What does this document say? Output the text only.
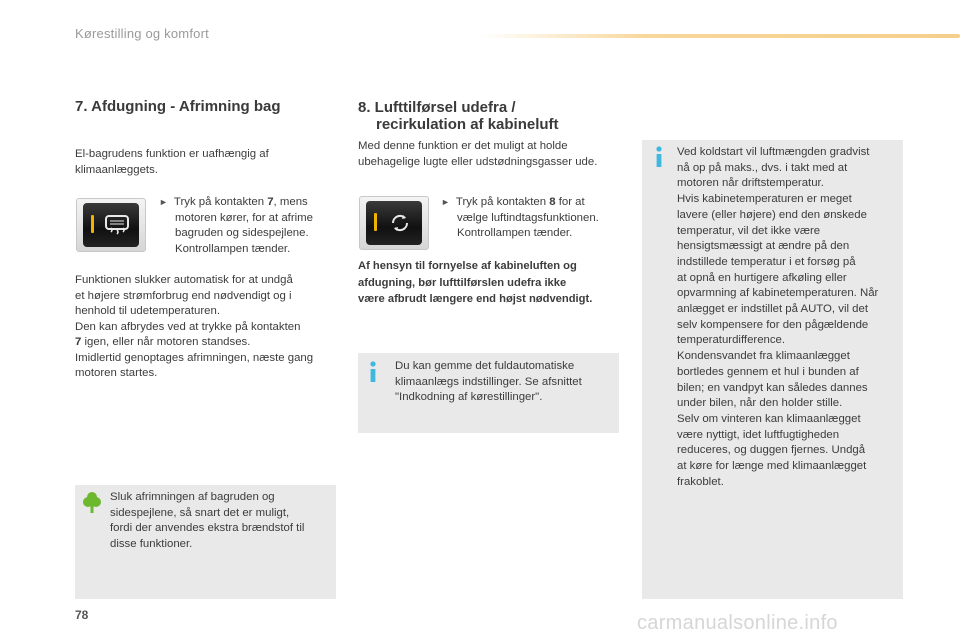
Kørestilling og komfort
7. Afdugning - Afrimning bag
El-bagrudens funktion er uafhængig af
klimaanlæggets.
► Tryk på kontakten 7, mens
motoren kører, for at afrime
bagruden og sidespejlene.
Kontrollampen tænder.
Funktionen slukker automatisk for at undgå
et højere strømforbrug end nødvendigt og i
henhold til udetemperaturen.
Den kan afbrydes ved at trykke på kontakten
7 igen, eller når motoren standses.
Imidlertid genoptages afrimningen, næste gang
motoren startes.
Sluk afrimningen af bagruden og
sidespejlene, så snart det er muligt,
fordi der anvendes ekstra brændstof til
disse funktioner.
8. Lufttilførsel udefra /
recirkulation af kabineluft
Med denne funktion er det muligt at holde
ubehagelige lugte eller udstødningsgasser ude.
► Tryk på kontakten 8 for at
vælge luftindtagsfunktionen.
Kontrollampen tænder.
Af hensyn til fornyelse af kabineluften og
afdugning, bør lufttilførslen udefra ikke
være afbrudt længere end højst nødvendigt.
Du kan gemme det fuldautomatiske
klimaanlægs indstillinger. Se afsnittet
"Indkodning af kørestillinger".
Ved koldstart vil luftmængden gradvist
nå op på maks., dvs. i takt med at
motoren når driftstemperatur.
Hvis kabinetemperaturen er meget
lavere (eller højere) end den ønskede
temperatur, vil det ikke være
hensigtsmæssigt at ændre på den
indstillede temperatur i et forsøg på
at opnå en hurtigere afkøling eller
opvarmning af kabinetemperaturen. Når
anlægget er indstillet på AUTO, vil det
selv kompensere for den pågældende
temperaturdifference.
Kondensvandet fra klimaanlægget
bortledes gennem et hul i bunden af
bilen; en vandpyt kan således dannes
under bilen, når den holder stille.
Selv om vinteren kan klimaanlægget
være nyttigt, idet luftfugtigheden
reduceres, og duggen fjernes. Undgå
at køre for længe med klimaanlægget
frakoblet.
78	carmanualsonline.info
